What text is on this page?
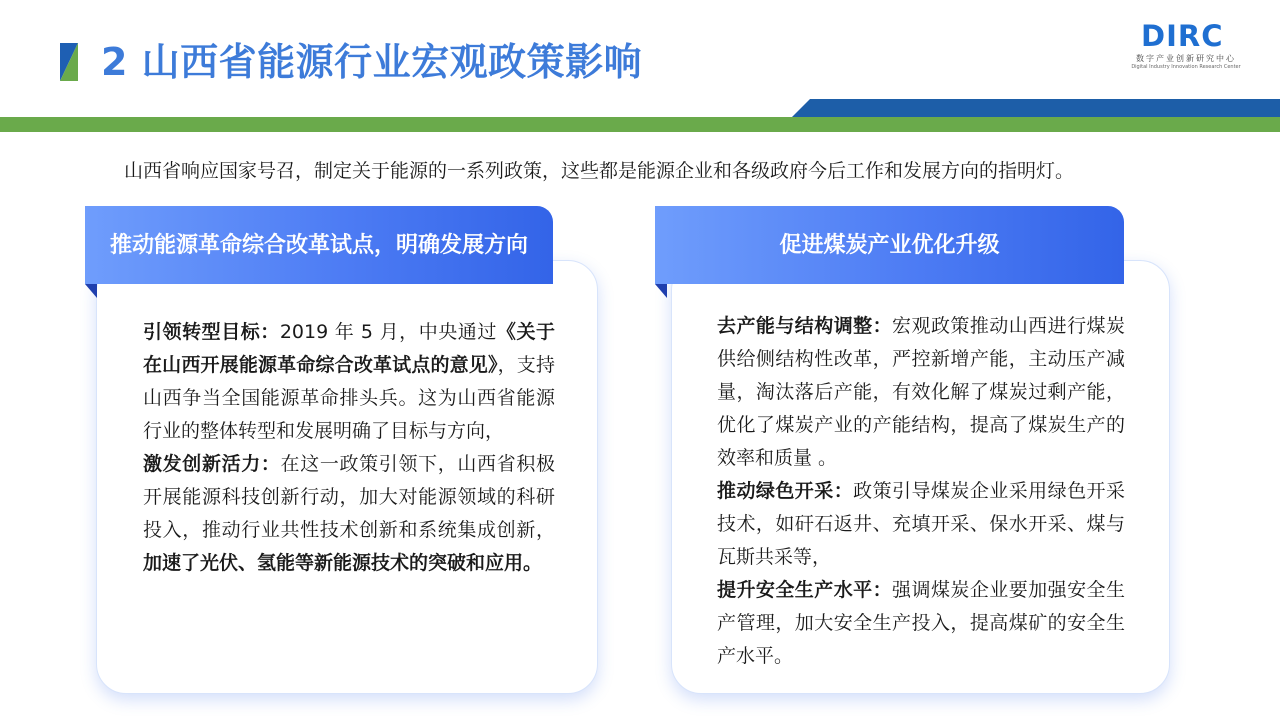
2 山西省能源行业宏观政策影响
DIRC
数字产业创新研究中心
Digital Industry Innovation Research Center

山西省响应国家号召，制定关于能源的一系列政策，这些都是能源企业和各级政府今后工作和发展方向的指明灯。

推动能源革命综合改革试点，明确发展方向

引领转型目标：2019 年 5 月，中央通过《关于在山西开展能源革命综合改革试点的意见》，支持山西争当全国能源革命排头兵。这为山西省能源行业的整体转型和发展明确了目标与方向，

激发创新活力：在这一政策引领下，山西省积极开展能源科技创新行动，加大对能源领域的科研投入，推动行业共性技术创新和系统集成创新，加速了光伏、氢能等新能源技术的突破和应用。

促进煤炭产业优化升级

去产能与结构调整：宏观政策推动山西进行煤炭供给侧结构性改革，严控新增产能，主动压产减量，淘汰落后产能，有效化解了煤炭过剩产能，优化了煤炭产业的产能结构，提高了煤炭生产的效率和质量 。

推动绿色开采：政策引导煤炭企业采用绿色开采技术，如矸石返井、充填开采、保水开采、煤与瓦斯共采等，

提升安全生产水平：强调煤炭企业要加强安全生产管理，加大安全生产投入，提高煤矿的安全生产水平。
